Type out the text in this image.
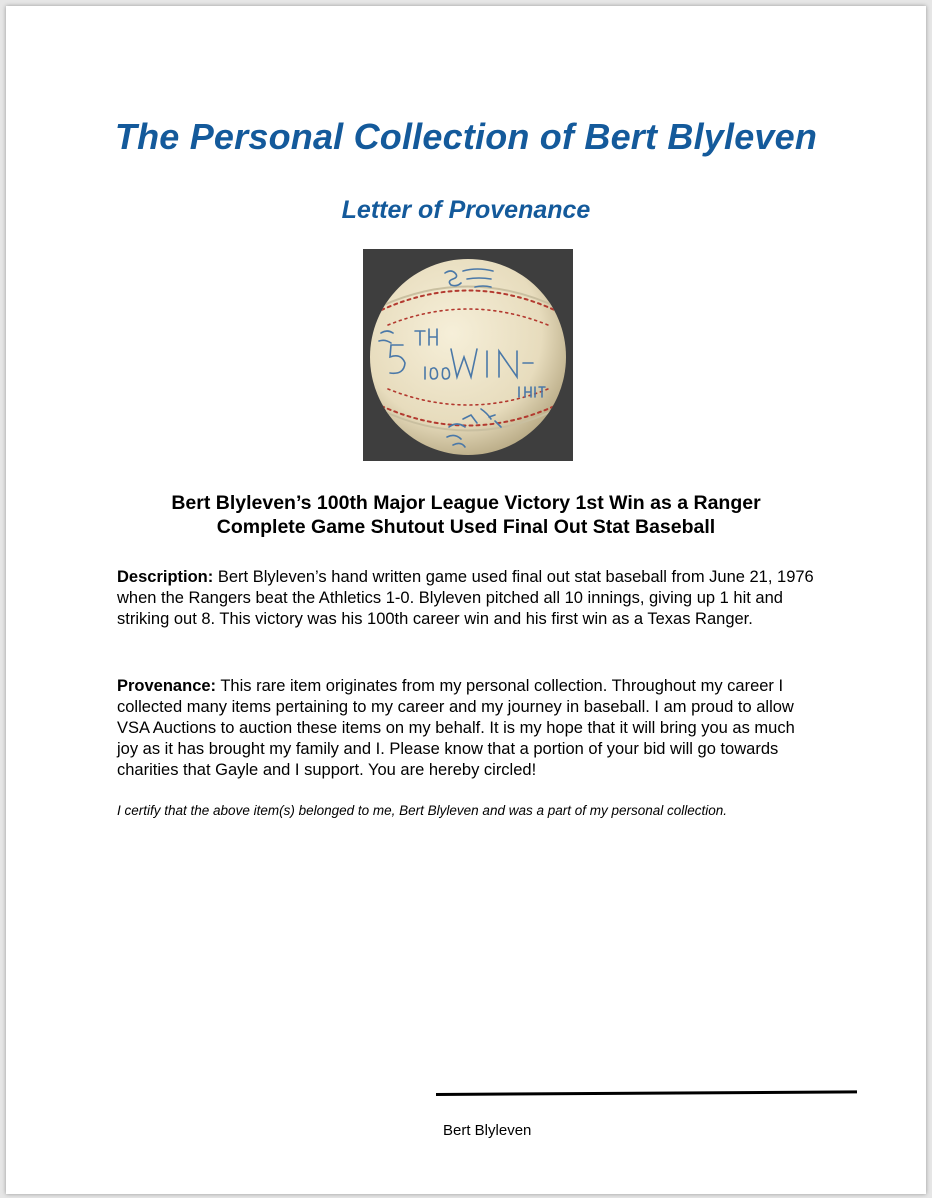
The Personal Collection of Bert Blyleven
Letter of Provenance
Bert Blyleven’s 100th Major League Victory 1st Win as a Ranger
Complete Game Shutout Used Final Out Stat Baseball
Description: Bert Blyleven’s hand written game used final out stat baseball from June 21, 1976 when the Rangers beat the Athletics 1-0. Blyleven pitched all 10 innings, giving up 1 hit and striking out 8. This victory was his 100th career win and his first win as a Texas Ranger.
Provenance: This rare item originates from my personal collection. Throughout my career I collected many items pertaining to my career and my journey in baseball. I am proud to allow VSA Auctions to auction these items on my behalf. It is my hope that it will bring you as much joy as it has brought my family and I. Please know that a portion of your bid will go towards charities that Gayle and I support. You are hereby circled!
I certify that the above item(s) belonged to me, Bert Blyleven and was a part of my personal collection.
Bert Blyleven
